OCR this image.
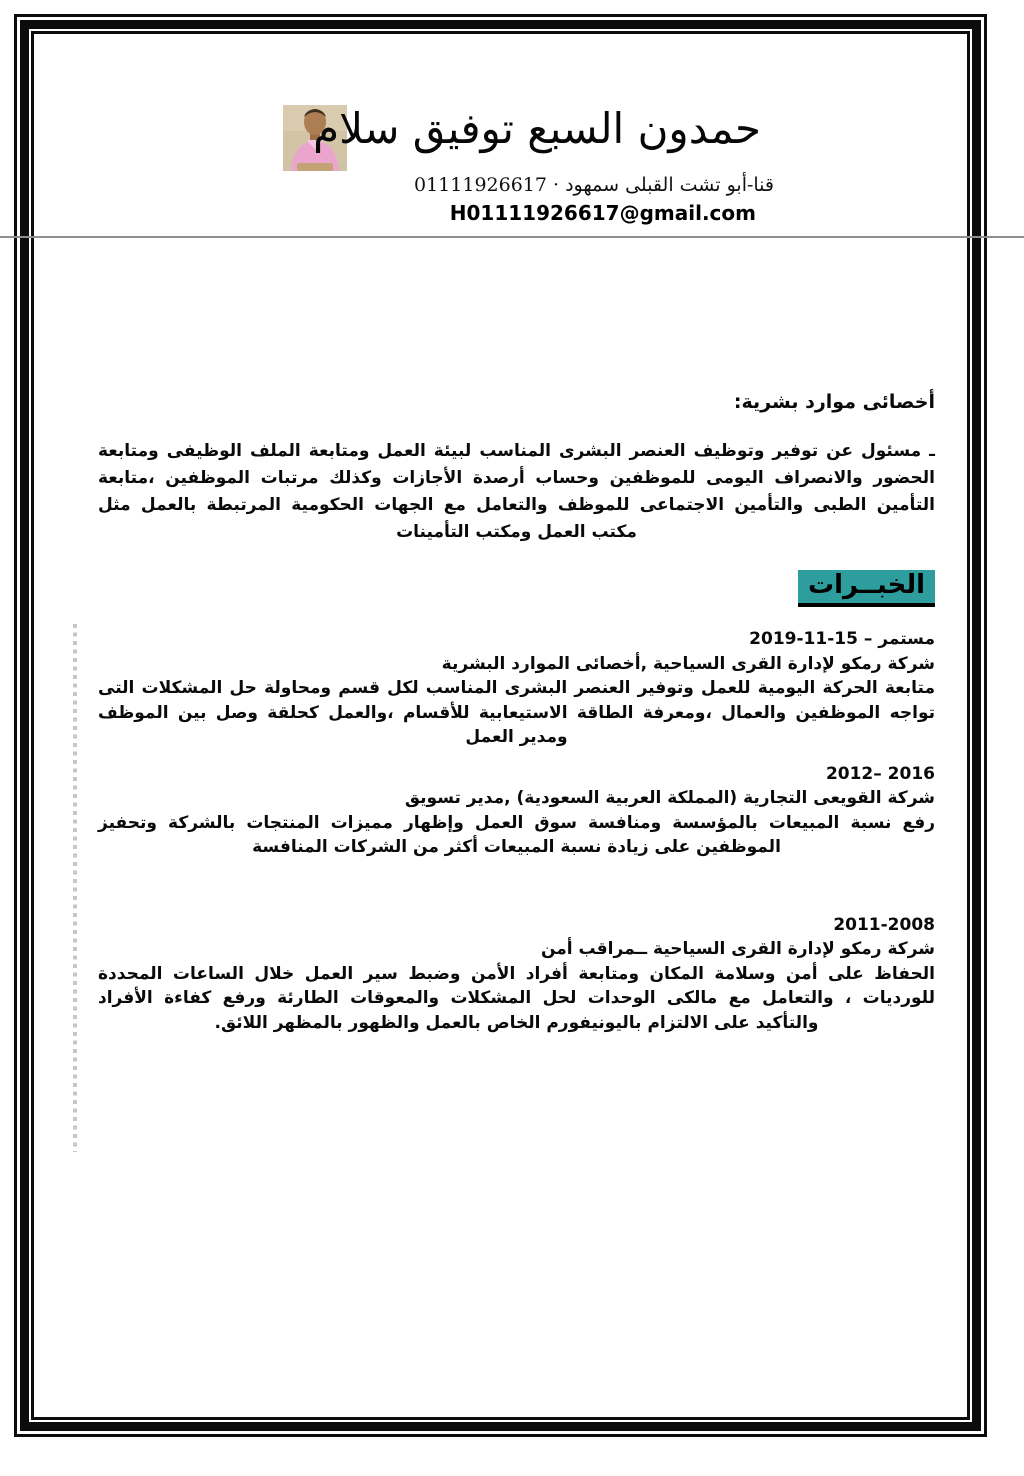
حمدون السبع توفيق سلام
01111926617 · قنا-أبو تشت القبلى سمهود
H01111926617@gmail.com
أخصائى موارد بشرية:
ـ مسئول عن توفير وتوظيف العنصر البشرى المناسب لبيئة العمل ومتابعة الملف الوظيفى ومتابعة الحضور والانصراف اليومى للموظفين وحساب أرصدة الأجازات وكذلك مرتبات الموظفين ،متابعة التأمين الطبى والتأمين الاجتماعى للموظف والتعامل مع الجهات الحكومية المرتبطة بالعمل مثل مكتب العمل ومكتب التأمينات
الخبــرات
2019-11-15 – مستمر
شركة رمكو لإدارة القرى السياحية ,أخصائى الموارد البشرية
متابعة الحركة اليومية للعمل وتوفير العنصر البشرى المناسب لكل قسم ومحاولة حل المشكلات التى تواجه الموظفين والعمال ،ومعرفة الطاقة الاستيعابية للأقسام ،والعمل كحلقة وصل بين الموظف ومدير العمل
2012– 2016
شركة القويعى التجارية (المملكة العربية السعودية) ,مدير تسويق
رفع نسبة المبيعات بالمؤسسة ومنافسة سوق العمل وإظهار مميزات المنتجات بالشركة وتحفيز الموظفين على زيادة نسبة المبيعات أكثر من الشركات المنافسة
2011-2008
شركة رمكو لإدارة القرى السياحية ــمراقب أمن
الحفاظ على أمن وسلامة المكان ومتابعة أفراد الأمن وضبط سير العمل خلال الساعات المحددة للورديات ، والتعامل مع مالكى الوحدات لحل المشكلات والمعوقات الطارئة ورفع كفاءة الأفراد والتأكيد على الالتزام باليونيفورم الخاص بالعمل والظهور بالمظهر اللائق.
